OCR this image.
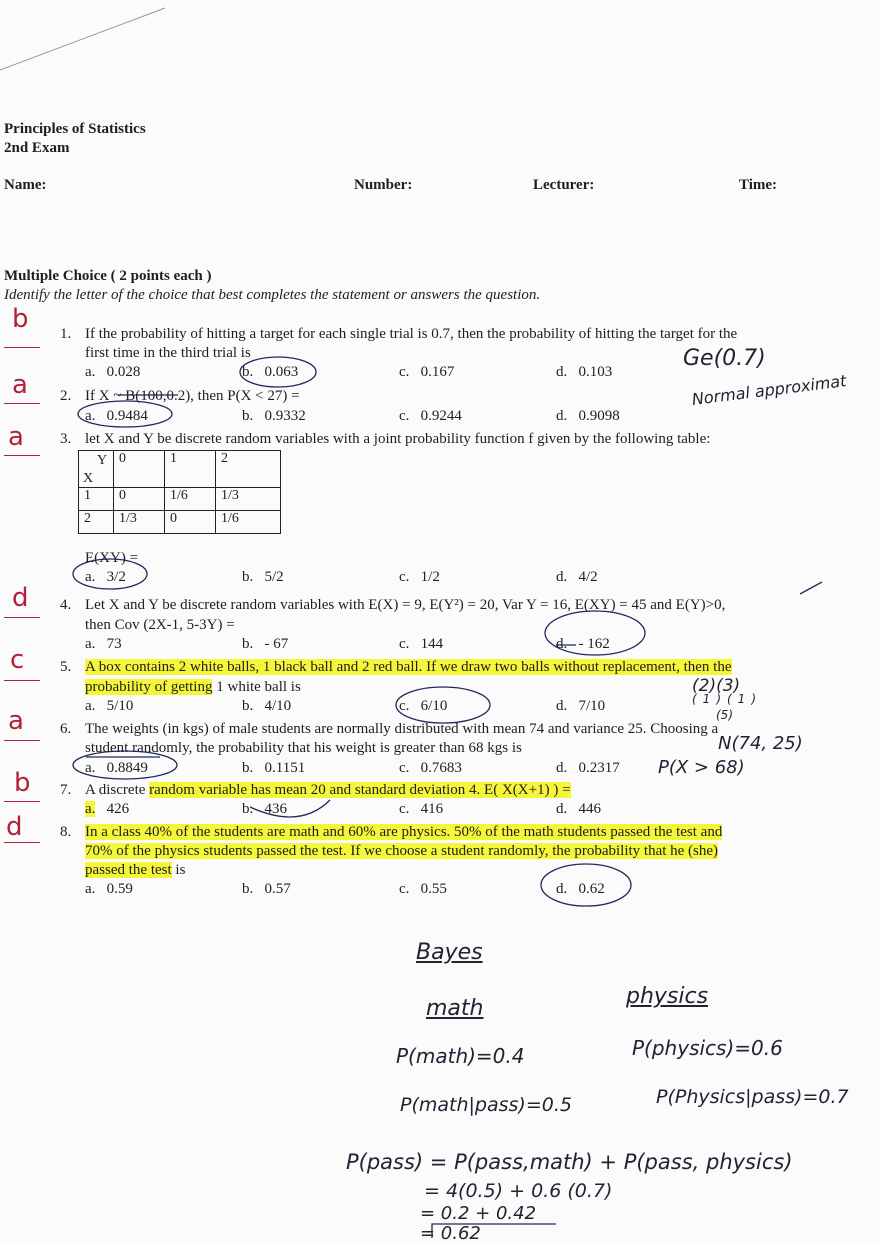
Principles of Statistics
2nd Exam
Name:	Number:	Lecturer:	Time:
Multiple Choice ( 2 points each )
Identify the letter of the choice that best completes the statement or answers the question.
b
a
a
d
c
a
b
d
1. If the probability of hitting a target for each single trial is 0.7, then the probability of hitting the target for the
first time in the third trial is
a. 0.028	b. 0.063	c. 0.167	d. 0.103
2. If X ~ B(100,0.2), then P(X < 27) =
a. 0.9484	b. 0.9332	c. 0.9244	d. 0.9098
3. let X and Y be discrete random variables with a joint probability function f given by the following table:
Y
X	0	1	2
1	0	1/6	1/3
2	1/3	0	1/6
E(XY) =
a. 3/2	b. 5/2	c. 1/2	d. 4/2
4. Let X and Y be discrete random variables with E(X) = 9, E(Y²) = 20, Var Y = 16, E(XY) = 45 and E(Y)>0,
then Cov (2X-1, 5-3Y) =
a. 73	b. - 67	c. 144	d. - 162
5. A box contains 2 white balls, 1 black ball and 2 red ball. If we draw two balls without replacement, then the
probability of getting 1 white ball is
a. 5/10	b. 4/10	c. 6/10	d. 7/10
6. The weights (in kgs) of male students are normally distributed with mean 74 and variance 25. Choosing a
student randomly, the probability that his weight is greater than 68 kgs is
a. 0.8849	b. 0.1151	c. 0.7683	d. 0.2317
7. A discrete random variable has mean 20 and standard deviation 4. E( X(X+1) ) =
a. 426	b. 436	c. 416	d. 446
8. In a class 40% of the students are math and 60% are physics. 50% of the math students passed the test and
70% of the physics students passed the test. If we choose a student randomly, the probability that he (she)
passed the test is
a. 0.59	b. 0.57	c. 0.55	d. 0.62
Ge(0.7)
Normal approximat
(2)(3)
(1)(1)
(5)
N(74, 25)
P(X > 68)
Bayes
math	physics
P(math)=0.4	P(physics)=0.6
P(math|pass)=0.5	P(Physics|pass)=0.7
P(pass) = P(pass,math) + P(pass, physics)
= 4(0.5) + 0.6 (0.7)
= 0.2 + 0.42
= 0.62
